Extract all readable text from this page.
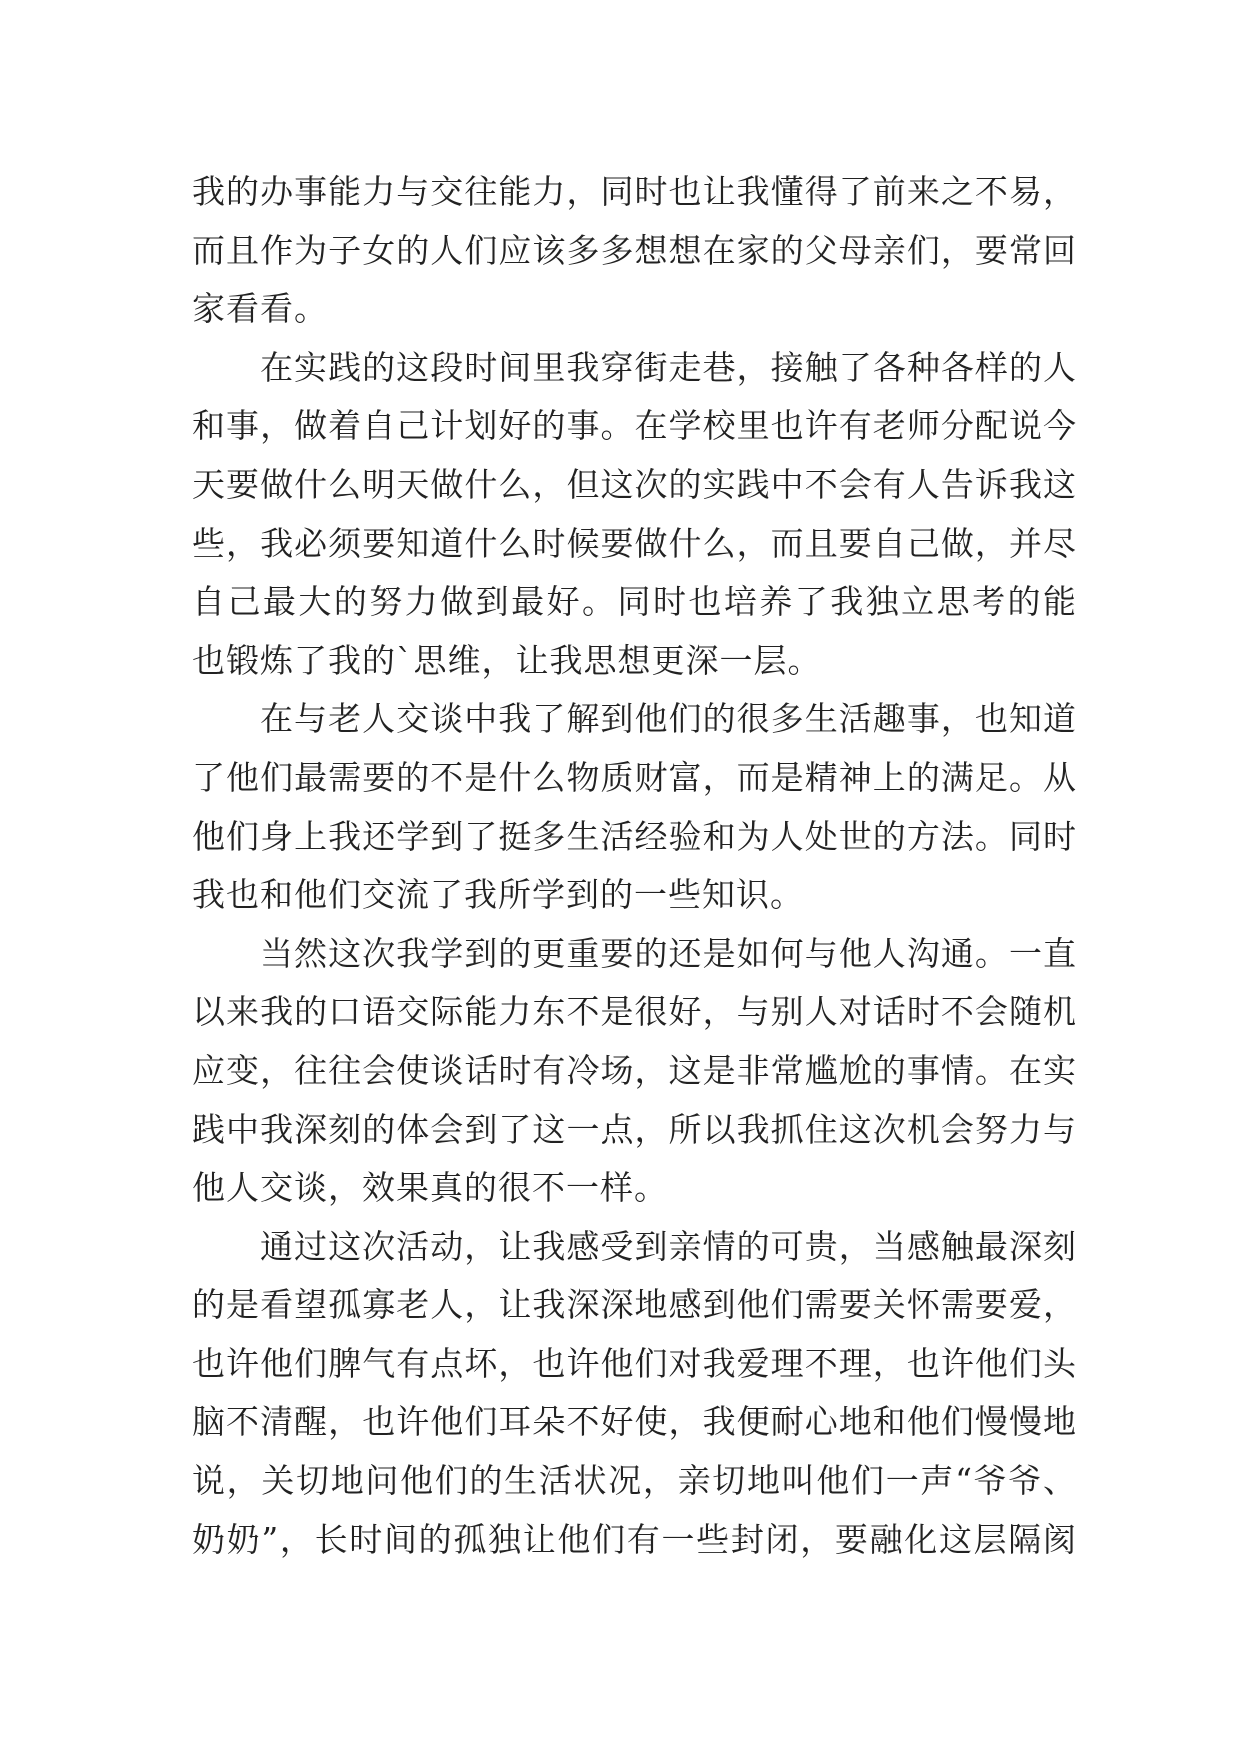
我的办事能力与交往能力，同时也让我懂得了前来之不易，
而且作为子女的人们应该多多想想在家的父母亲们，要常回
家看看。

在实践的这段时间里我穿街走巷，接触了各种各样的人
和事，做着自己计划好的事。在学校里也许有老师分配说今
天要做什么明天做什么，但这次的实践中不会有人告诉我这
些，我必须要知道什么时候要做什么，而且要自己做，并尽
自己最大的努力做到最好。同时也培养了我独立思考的能
也锻炼了我的`思维，让我思想更深一层。

在与老人交谈中我了解到他们的很多生活趣事，也知道
了他们最需要的不是什么物质财富，而是精神上的满足。从
他们身上我还学到了挺多生活经验和为人处世的方法。同时
我也和他们交流了我所学到的一些知识。

当然这次我学到的更重要的还是如何与他人沟通。一直
以来我的口语交际能力东不是很好，与别人对话时不会随机
应变，往往会使谈话时有冷场，这是非常尴尬的事情。在实
践中我深刻的体会到了这一点，所以我抓住这次机会努力与
他人交谈，效果真的很不一样。

通过这次活动，让我感受到亲情的可贵，当感触最深刻
的是看望孤寡老人，让我深深地感到他们需要关怀需要爱，
也许他们脾气有点坏，也许他们对我爱理不理，也许他们头
脑不清醒，也许他们耳朵不好使，我便耐心地和他们慢慢地
说，关切地问他们的生活状况，亲切地叫他们一声“爷爷、
奶奶”，长时间的孤独让他们有一些封闭，要融化这层隔阂
